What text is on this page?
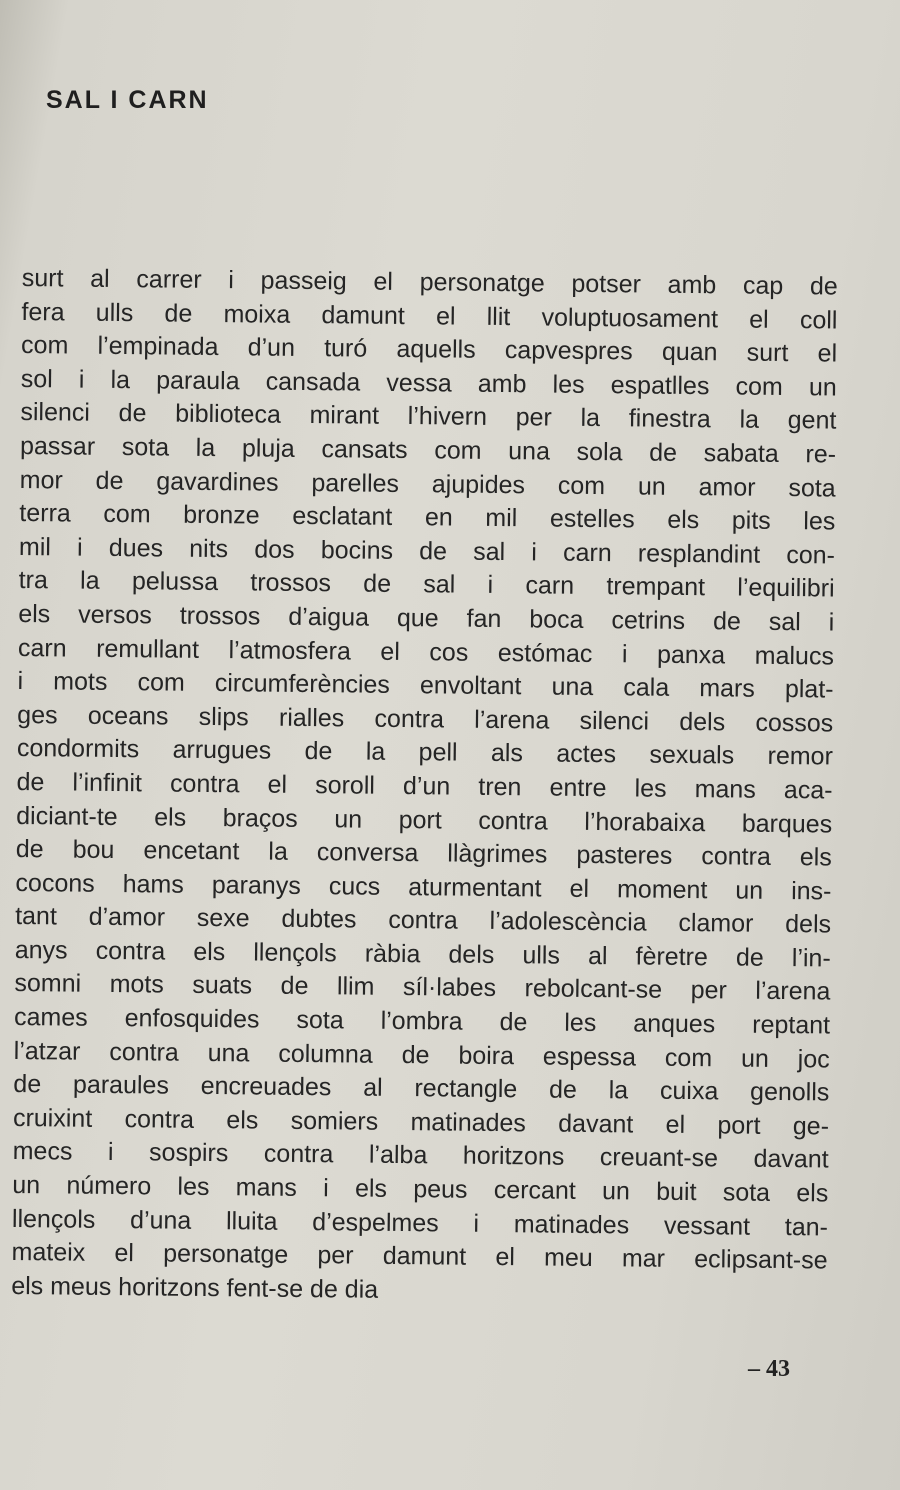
SAL I CARN
surt al carrer i passeig el personatge potser amb cap de
fera ulls de moixa damunt el llit voluptuosament el coll
com l’empinada d’un turó aquells capvespres quan surt el
sol i la paraula cansada vessa amb les espatlles com un
silenci de biblioteca mirant l’hivern per la finestra la gent
passar sota la pluja cansats com una sola de sabata re-
mor de gavardines parelles ajupides com un amor sota
terra com bronze esclatant en mil estelles els pits les
mil i dues nits dos bocins de sal i carn resplandint con-
tra la pelussa trossos de sal i carn trempant l’equilibri
els versos trossos d’aigua que fan boca cetrins de sal i
carn remullant l’atmosfera el cos estómac i panxa malucs
i mots com circumferències envoltant una cala mars plat-
ges oceans slips rialles contra l’arena silenci dels cossos
condormits arrugues de la pell als actes sexuals remor
de l’infinit contra el soroll d’un tren entre les mans aca-
diciant-te els braços un port contra l’horabaixa barques
de bou encetant la conversa llàgrimes pasteres contra els
cocons hams paranys cucs aturmentant el moment un ins-
tant d’amor sexe dubtes contra l’adolescència clamor dels
anys contra els llençols ràbia dels ulls al fèretre de l’in-
somni mots suats de llim síl·labes rebolcant-se per l’arena
cames enfosquides sota l’ombra de les anques reptant
l’atzar contra una columna de boira espessa com un joc
de paraules encreuades al rectangle de la cuixa genolls
cruixint contra els somiers matinades davant el port ge-
mecs i sospirs contra l’alba horitzons creuant-se davant
un número les mans i els peus cercant un buit sota els
llençols d’una lluita d’espelmes i matinades vessant tan-
mateix el personatge per damunt el meu mar eclipsant-se
els meus horitzons fent-se de dia

– 43
